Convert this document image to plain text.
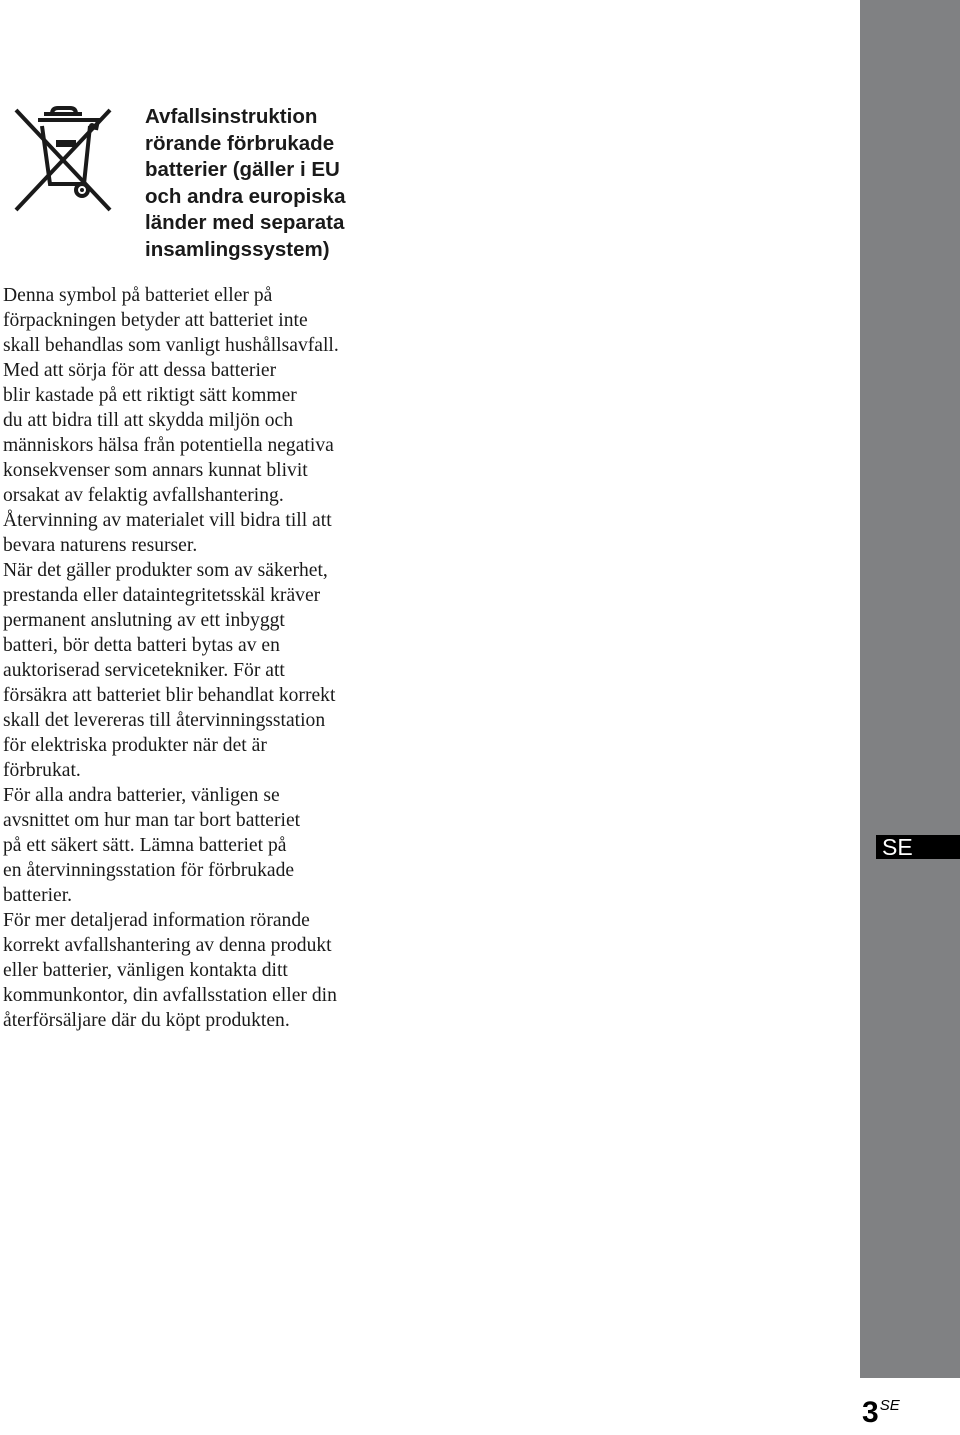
SE
Avfallsinstruktion
rörande förbrukade
batterier (gäller i EU
och andra europiska
länder med separata
insamlingssystem)
Denna symbol på batteriet eller på
förpackningen betyder att batteriet inte
skall behandlas som vanligt hushållsavfall.
Med att sörja för att dessa batterier
blir kastade på ett riktigt sätt kommer
du att bidra till att skydda miljön och
människors hälsa från potentiella negativa
konsekvenser som annars kunnat blivit
orsakat av felaktig avfallshantering.
Återvinning av materialet vill bidra till att
bevara naturens resurser.
När det gäller produkter som av säkerhet,
prestanda eller dataintegritetsskäl kräver
permanent anslutning av ett inbyggt
batteri, bör detta batteri bytas av en
auktoriserad servicetekniker. För att
försäkra att batteriet blir behandlat korrekt
skall det levereras till återvinningsstation
för elektriska produkter när det är
förbrukat.
För alla andra batterier, vänligen se
avsnittet om hur man tar bort batteriet
på ett säkert sätt. Lämna batteriet på
en återvinningsstation för förbrukade
batterier.
För mer detaljerad information rörande
korrekt avfallshantering av denna produkt
eller batterier, vänligen kontakta ditt
kommunkontor, din avfallsstation eller din
återförsäljare där du köpt produkten.
$3^{SE}$
